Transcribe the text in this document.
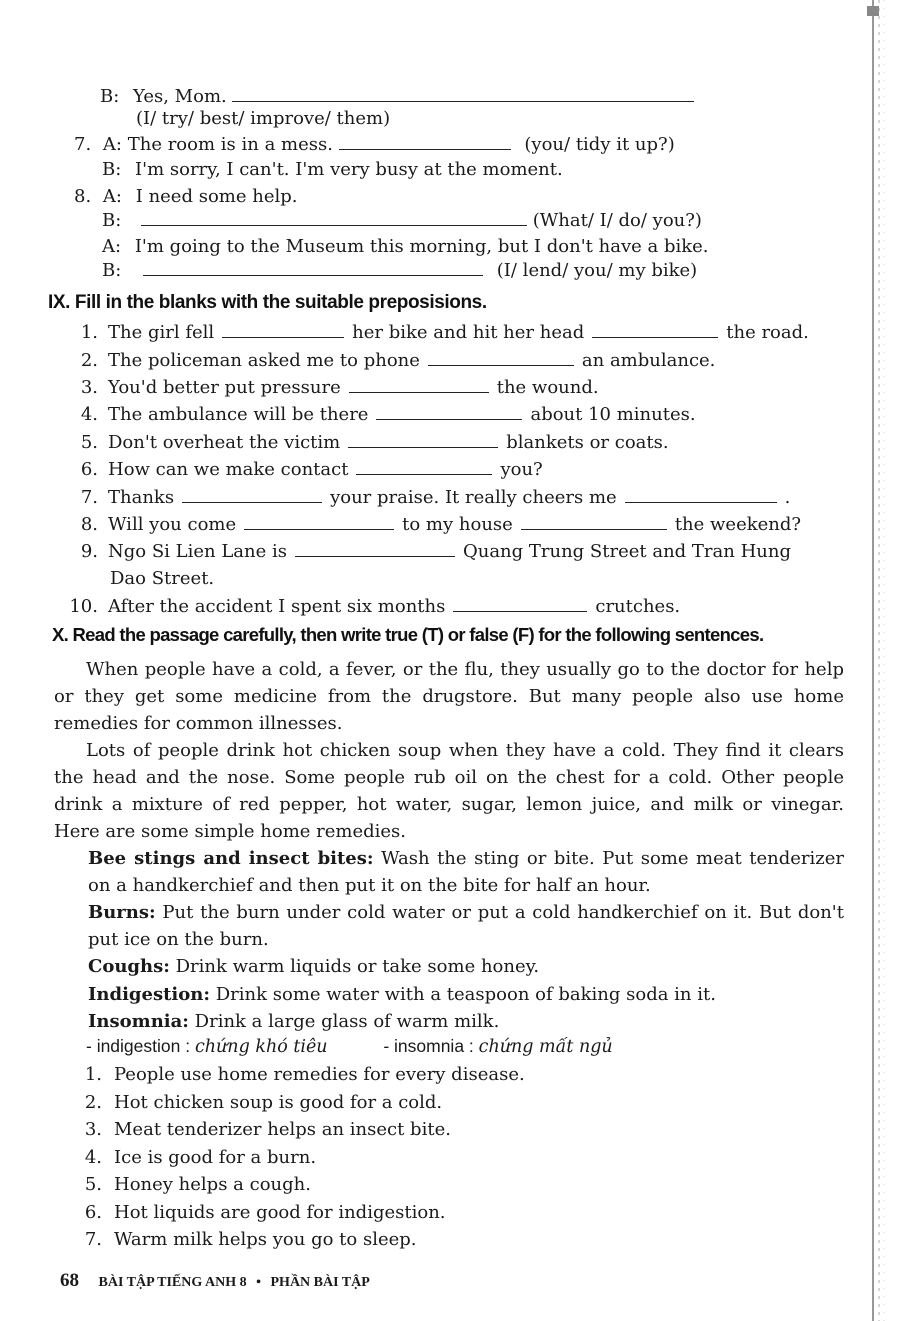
B: Yes, Mom.
(I/ try/ best/ improve/ them)
7. A: The room is in a mess.	(you/ tidy it up?)
B: I'm sorry, I can't. I'm very busy at the moment.
8. A: I need some help.
B:	(What/ I/ do/ you?)
A: I'm going to the Museum this morning, but I don't have a bike.
B:	(I/ lend/ you/ my bike)
IX. Fill in the blanks with the suitable preposisions.
1. The girl fell	her bike and hit her head	the road.
2. The policeman asked me to phone	an ambulance.
3. You'd better put pressure	the wound.
4. The ambulance will be there	about 10 minutes.
5. Don't overheat the victim	blankets or coats.
6. How can we make contact	you?
7. Thanks	your praise. It really cheers me	.
8. Will you come	to my house	the weekend?
9. Ngo Si Lien Lane is	Quang Trung Street and Tran Hung
Dao Street.
10. After the accident I spent six months	crutches.
X. Read the passage carefully, then write true (T) or false (F) for the following sentences.
When people have a cold, a fever, or the flu, they usually go to the doctor for help or they get some medicine from the drugstore. But many people also use home remedies for common illnesses.
Lots of people drink hot chicken soup when they have a cold. They find it clears the head and the nose. Some people rub oil on the chest for a cold. Other people drink a mixture of red pepper, hot water, sugar, lemon juice, and milk or vinegar. Here are some simple home remedies.
Bee stings and insect bites: Wash the sting or bite. Put some meat tenderizer on a handkerchief and then put it on the bite for half an hour.
Burns: Put the burn under cold water or put a cold handkerchief on it. But don't put ice on the burn.
Coughs: Drink warm liquids or take some honey.
Indigestion: Drink some water with a teaspoon of baking soda in it.
Insomnia: Drink a large glass of warm milk.
- indigestion : chứng khó tiêu	- insomnia : chứng mất ngủ
1. People use home remedies for every disease.
2. Hot chicken soup is good for a cold.
3. Meat tenderizer helps an insect bite.
4. Ice is good for a burn.
5. Honey helps a cough.
6. Hot liquids are good for indigestion.
7. Warm milk helps you go to sleep.
68 BÀI TẬP TIẾNG ANH 8 • PHẦN BÀI TẬP
